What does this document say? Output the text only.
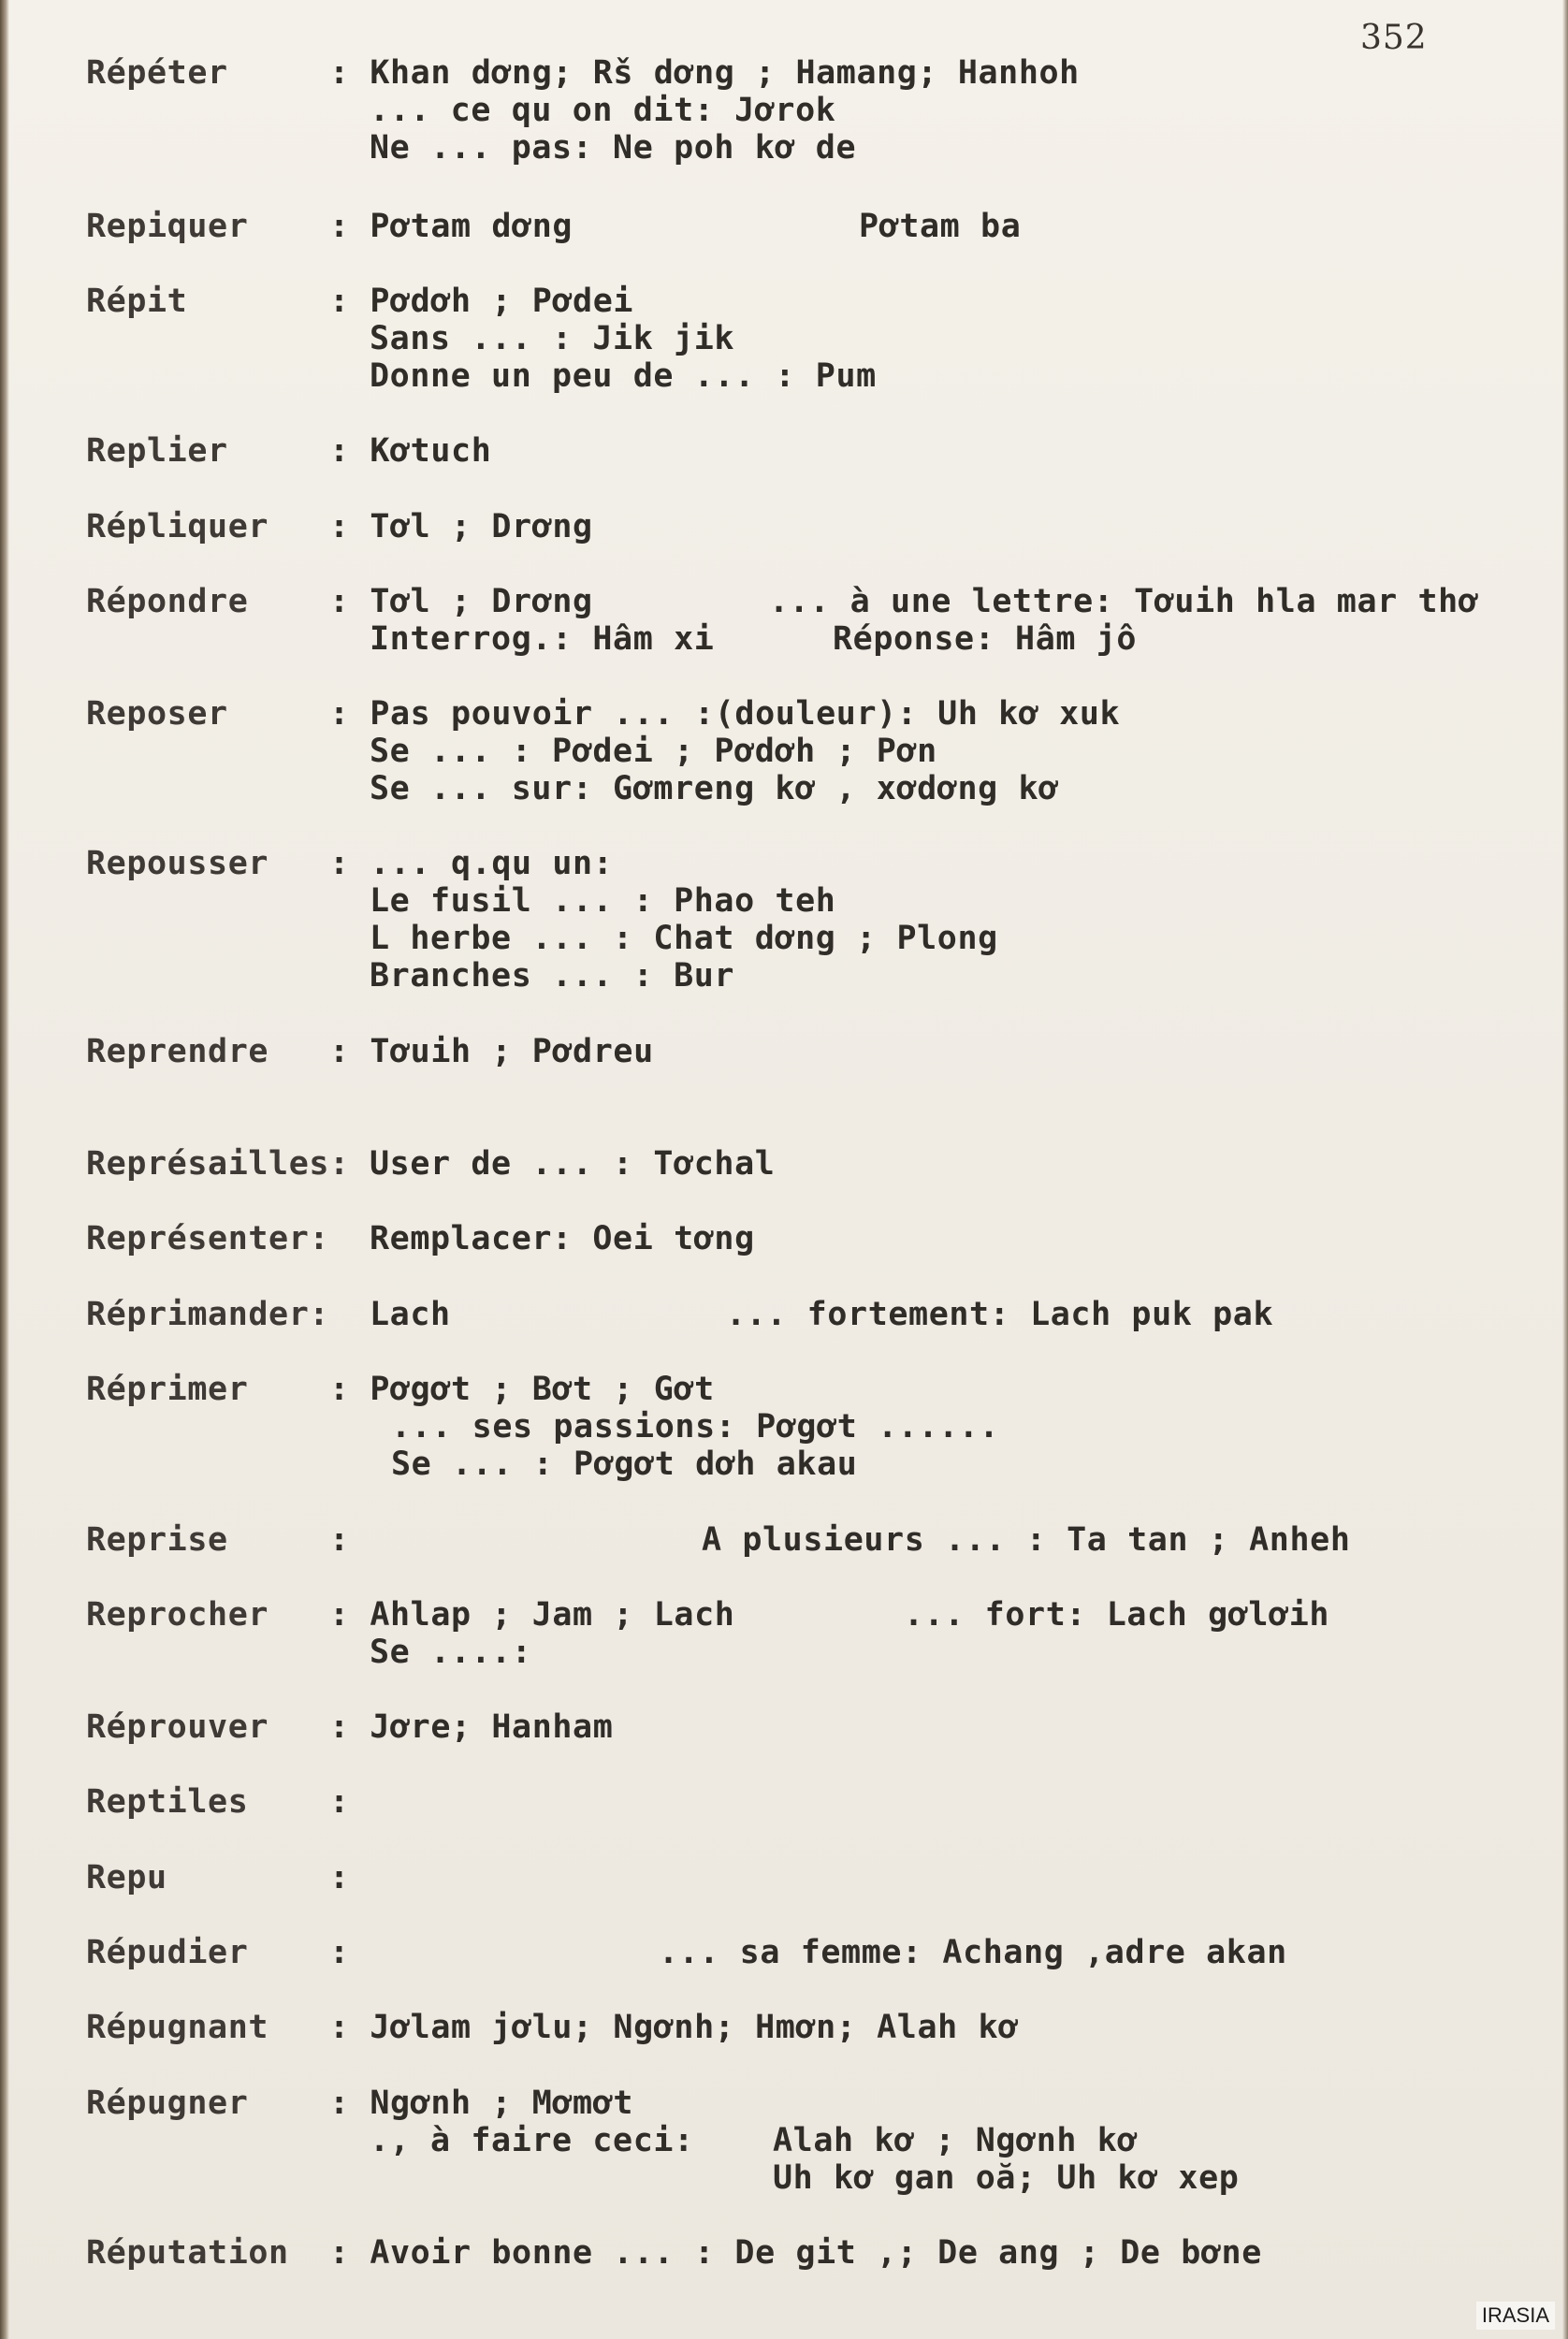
352
Répéter	: Khan dơng; Rš dơng ; Hamang; Hanhoh
... ce qu on dit: Jơrok
Ne ... pas: Ne poh kơ de
Repiquer : Pơtam dơng	Pơtam ba
Répit	: Pơdơh ; Pơdei
Sans ... : Jik jik
Donne un peu de ... : Pum
Replier	: Kơtuch
Répliquer : Tơl ; Drơng
Répondre : Tơl ; Drơng	... à une lettre: Tơuih hla mar thơ
Interrog.: Hâm xi	Réponse: Hâm jô
Reposer	: Pas pouvoir ... :(douleur): Uh kơ xuk
Se ... : Pơdei ; Pơdơh ; Pơn
Se ... sur: Gơmreng kơ , xơdơng kơ
Repousser : ... q.qu un:
Le fusil ... : Phao teh
L herbe ... : Chat dơng ; Plong
Branches ... : Bur
Reprendre : Tơuih ; Pơdreu
Représailles: User de ... : Tơchal
Représenter: Remplacer: Oei tơng
Réprimander: Lach	... fortement: Lach puk pak
Réprimer : Pơgơt ; Bơt ; Gơt
... ses passions: Pơgơt ......
Se ... : Pơgơt dơh akau
Reprise	:	A plusieurs ... : Ta tan ; Anheh
Reprocher : Ahlap ; Jam ; Lach	... fort: Lach gơlơih
Se ....:
Réprouver : Jơre; Hanham
Reptiles :
Repu	:
Répudier :	... sa femme: Achang ,adre akan
Répugnant : Jơlam jơlu; Ngơnh; Hmơn; Alah kơ
Répugner : Ngơnh ; Mơmơt
., à faire ceci: Alah kơ ; Ngơnh kơ
Uh kơ gan oă; Uh kơ xep
Réputation : Avoir bonne ... : De git ,; De ang ; De bơne
IRASIA
